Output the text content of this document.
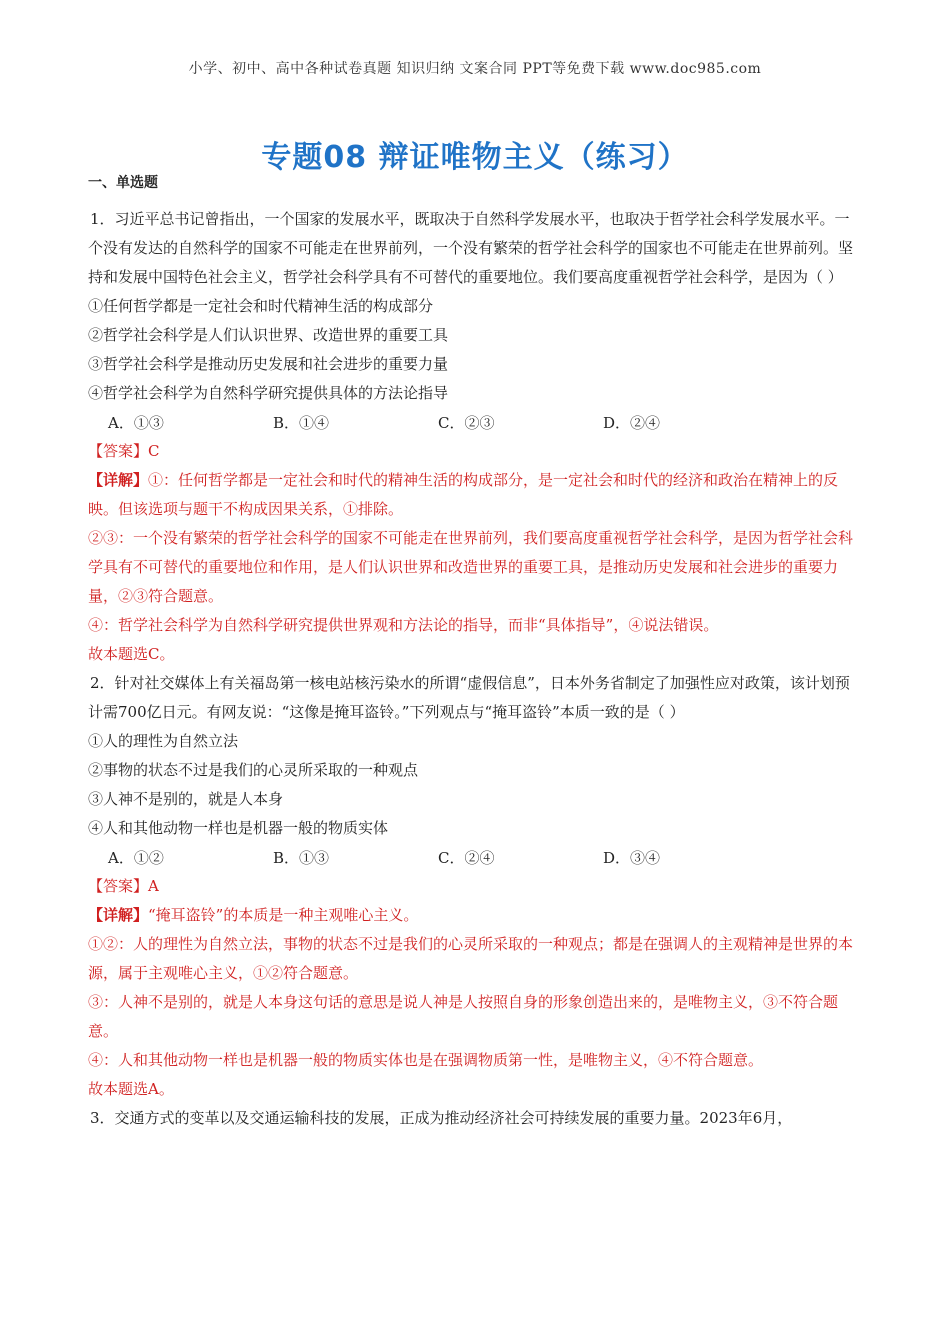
小学、初中、高中各种试卷真题 知识归纳 文案合同 PPT等免费下载 www.doc985.com
专题08 辩证唯物主义（练习）

一、单选题

1．习近平总书记曾指出，一个国家的发展水平，既取决于自然科学发展水平，也取决于哲学社会科学发展水平。一个没有发达的自然科学的国家不可能走在世界前列，一个没有繁荣的哲学社会科学的国家也不可能走在世界前列。坚持和发展中国特色社会主义，哲学社会科学具有不可替代的重要地位。我们要高度重视哲学社会科学，是因为（ ）

①任何哲学都是一定社会和时代精神生活的构成部分

②哲学社会科学是人们认识世界、改造世界的重要工具

③哲学社会科学是推动历史发展和社会进步的重要力量

④哲学社会科学为自然科学研究提供具体的方法论指导

A．①③	B．①④	C．②③	D．②④

【答案】C

【详解】①：任何哲学都是一定社会和时代的精神生活的构成部分，是一定社会和时代的经济和政治在精神上的反映。但该选项与题干不构成因果关系，①排除。

②③：一个没有繁荣的哲学社会科学的国家不可能走在世界前列，我们要高度重视哲学社会科学，是因为哲学社会科学具有不可替代的重要地位和作用，是人们认识世界和改造世界的重要工具，是推动历史发展和社会进步的重要力量，②③符合题意。

④：哲学社会科学为自然科学研究提供世界观和方法论的指导，而非“具体指导”，④说法错误。

故本题选C。

2．针对社交媒体上有关福岛第一核电站核污染水的所谓“虚假信息”，日本外务省制定了加强性应对政策，该计划预计需700亿日元。有网友说：“这像是掩耳盗铃。”下列观点与“掩耳盗铃”本质一致的是（ ）

①人的理性为自然立法

②事物的状态不过是我们的心灵所采取的一种观点

③人神不是别的，就是人本身

④人和其他动物一样也是机器一般的物质实体

A．①②	B．①③	C．②④	D．③④

【答案】A

【详解】“掩耳盗铃”的本质是一种主观唯心主义。

①②：人的理性为自然立法，事物的状态不过是我们的心灵所采取的一种观点；都是在强调人的主观精神是世界的本源，属于主观唯心主义，①②符合题意。

③：人神不是别的，就是人本身这句话的意思是说人神是人按照自身的形象创造出来的，是唯物主义，③不符合题意。

④：人和其他动物一样也是机器一般的物质实体也是在强调物质第一性，是唯物主义，④不符合题意。

故本题选A。

3．交通方式的变革以及交通运输科技的发展，正成为推动经济社会可持续发展的重要力量。2023年6月，
